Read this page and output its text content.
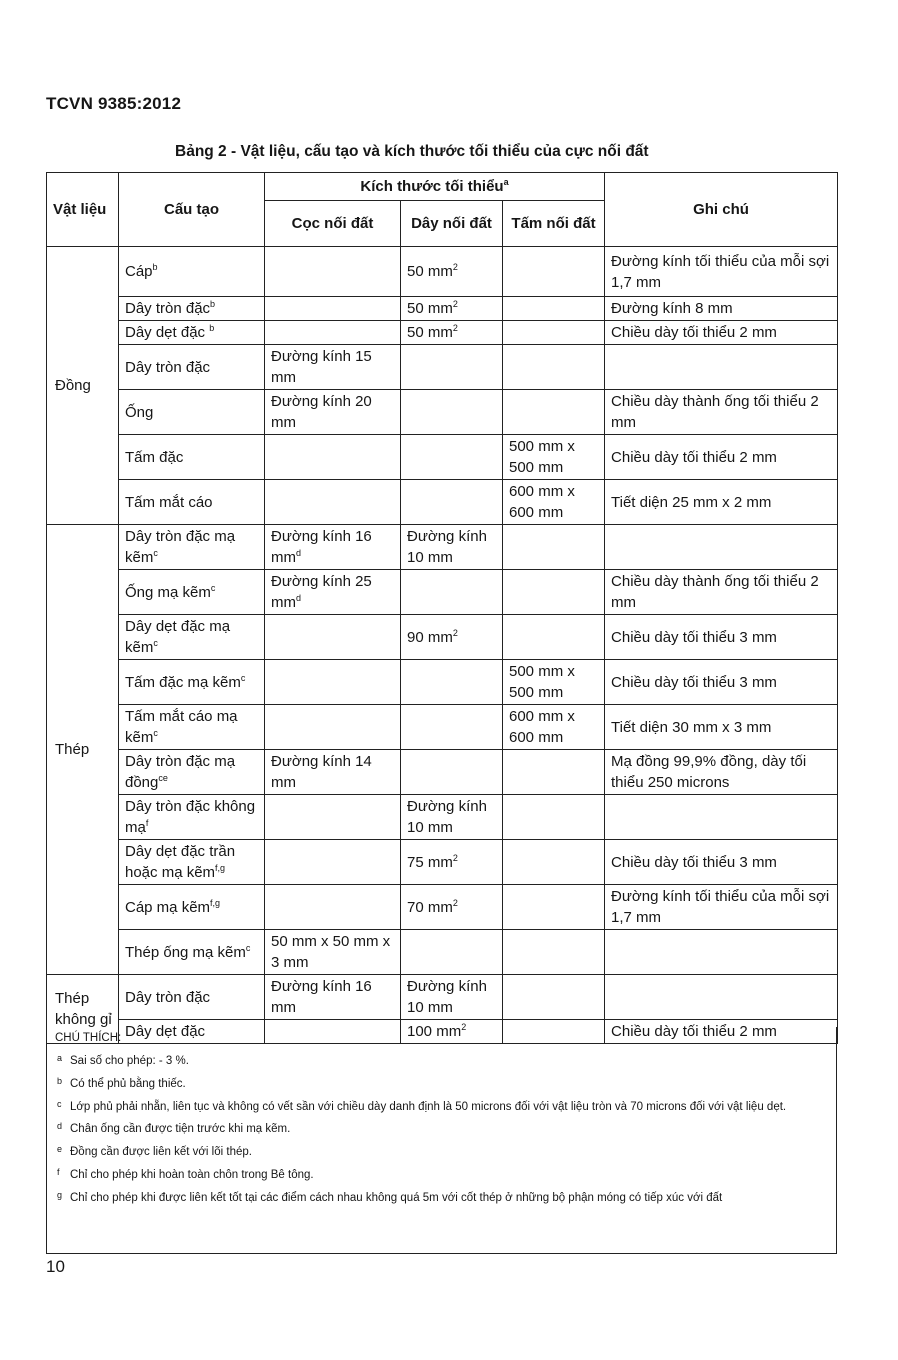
TCVN 9385:2012
Bảng 2 - Vật liệu, cấu tạo và kích thước tối thiểu của cực nối đất
Vật liệu	Cấu tạo	Kích thước tối thiểu$^a$			Ghi chú
		Cọc nối đất	Dây nối đất	Tấm nối đất	
Đồng	Cáp$^b$		50 $mm^2$		Đường kính tối thiểu của mỗi sợi 1,7 mm
	Dây tròn đặc$^b$		50 $mm^2$		Đường kính 8 mm
	Dây dẹt đặc $^b$		50 $mm^2$		Chiều dày tối thiểu 2 mm
	Dây tròn đặc	Đường kính 15 mm			
	Ống	Đường kính 20 mm			Chiều dày thành ống tối thiểu 2 mm
	Tấm đặc			500 mm x 500 mm	Chiều dày tối thiểu 2 mm
	Tấm mắt cáo			600 mm x 600 mm	Tiết diện 25 mm x 2 mm
Thép	Dây tròn đặc mạ kẽm$^c$	Đường kính 16 $mm^d$	Đường kính 10 mm		
	Ống mạ kẽm$^c$	Đường kính 25 $mm^d$			Chiều dày thành ống tối thiểu 2 mm
	Dây dẹt đặc mạ kẽm$^c$		90 $mm^2$		Chiều dày tối thiểu 3 mm
	Tấm đặc mạ kẽm$^c$			500 mm x 500 mm	Chiều dày tối thiểu 3 mm
	Tấm mắt cáo mạ kẽm$^c$			600 mm x 600 mm	Tiết diện 30 mm x 3 mm
	Dây tròn đặc mạ đồng$^{ce}$	Đường kính 14 mm			Mạ đồng 99,9% đồng, dày tối thiểu 250 microns
	Dây tròn đặc không mạ$^f$		Đường kính 10 mm		
	Dây dẹt đặc trần hoặc mạ kẽm$^{f,g}$		75 $mm^2$		Chiều dày tối thiểu 3 mm
	Cáp mạ kẽm$^{f,g}$		70 $mm^2$		Đường kính tối thiểu của mỗi sợi 1,7 mm
	Thép ống mạ kẽm$^c$	50 mm x 50 mm x 3 mm			
Thép không gỉ	Dây tròn đặc	Đường kính 16 mm	Đường kính 10 mm		
	Dây dẹt đặc		100 $mm^2$		Chiều dày tối thiểu 2 mm
CHÚ THÍCH:
a Sai số cho phép: - 3 %.
b Có thể phủ bằng thiếc.
c Lớp phủ phải nhẵn, liên tục và không có vết sần với chiều dày danh định là 50 microns đối với vật liệu tròn và 70 microns đối với vật liệu dẹt.
d Chân ống cần được tiện trước khi mạ kẽm.
e Đồng cần được liên kết với lõi thép.
f Chỉ cho phép khi hoàn toàn chôn trong Bê tông.
g Chỉ cho phép khi được liên kết tốt tại các điểm cách nhau không quá 5m với cốt thép ở những bộ phận móng có tiếp xúc với đất
10
